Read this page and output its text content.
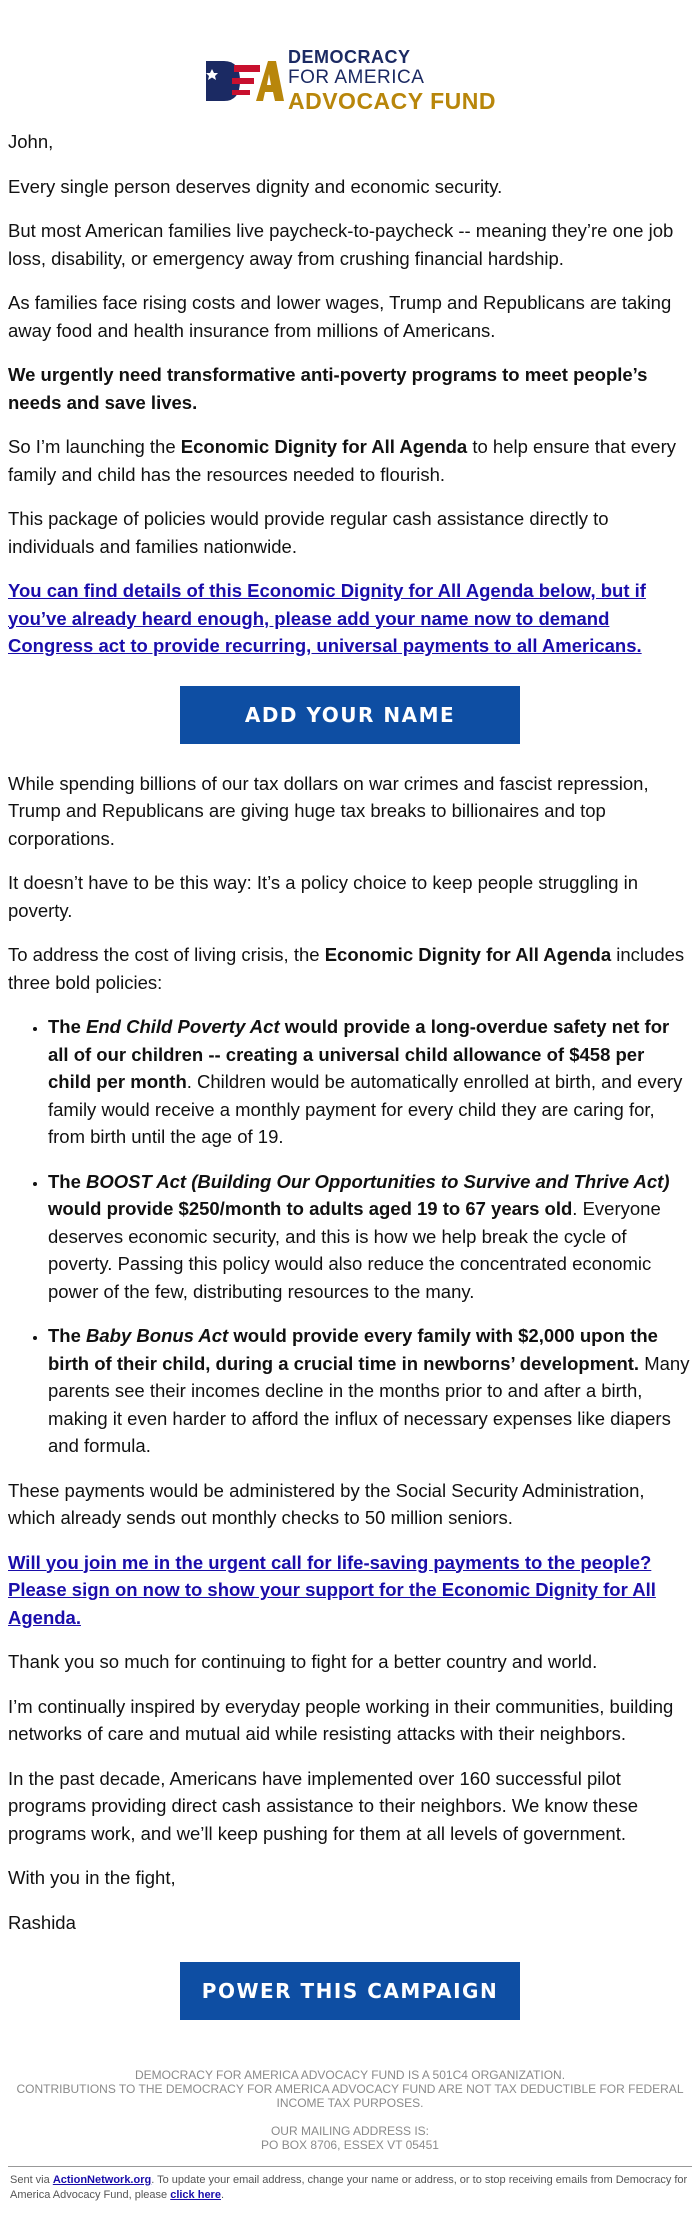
DEMOCRACY
FOR AMERICA
ADVOCACY FUND

John,

Every single person deserves dignity and economic security.

But most American families live paycheck-to-paycheck -- meaning they’re one job loss, disability, or emergency away from crushing financial hardship.

As families face rising costs and lower wages, Trump and Republicans are taking away food and health insurance from millions of Americans.

We urgently need transformative anti-poverty programs to meet people’s needs and save lives.

So I’m launching the Economic Dignity for All Agenda to help ensure that every family and child has the resources needed to flourish.

This package of policies would provide regular cash assistance directly to individuals and families nationwide.

You can find details of this Economic Dignity for All Agenda below, but if you’ve already heard enough, please add your name now to demand Congress act to provide recurring, universal payments to all Americans.

ADD YOUR NAME

While spending billions of our tax dollars on war crimes and fascist repression, Trump and Republicans are giving huge tax breaks to billionaires and top corporations.

It doesn’t have to be this way: It’s a policy choice to keep people struggling in poverty.

To address the cost of living crisis, the Economic Dignity for All Agenda includes three bold policies:

• The End Child Poverty Act would provide a long-overdue safety net for all of our children -- creating a universal child allowance of $458 per child per month. Children would be automatically enrolled at birth, and every family would receive a monthly payment for every child they are caring for, from birth until the age of 19.
• The BOOST Act (Building Our Opportunities to Survive and Thrive Act) would provide $250/month to adults aged 19 to 67 years old. Everyone deserves economic security, and this is how we help break the cycle of poverty. Passing this policy would also reduce the concentrated economic power of the few, distributing resources to the many.
• The Baby Bonus Act would provide every family with $2,000 upon the birth of their child, during a crucial time in newborns’ development. Many parents see their incomes decline in the months prior to and after a birth, making it even harder to afford the influx of necessary expenses like diapers and formula.

These payments would be administered by the Social Security Administration, which already sends out monthly checks to 50 million seniors.

Will you join me in the urgent call for life-saving payments to the people? Please sign on now to show your support for the Economic Dignity for All Agenda.

Thank you so much for continuing to fight for a better country and world.

I’m continually inspired by everyday people working in their communities, building networks of care and mutual aid while resisting attacks with their neighbors.

In the past decade, Americans have implemented over 160 successful pilot programs providing direct cash assistance to their neighbors. We know these programs work, and we’ll keep pushing for them at all levels of government.

With you in the fight,

Rashida

POWER THIS CAMPAIGN
DEMOCRACY FOR AMERICA ADVOCACY FUND IS A 501C4 ORGANIZATION.
CONTRIBUTIONS TO THE DEMOCRACY FOR AMERICA ADVOCACY FUND ARE NOT TAX DEDUCTIBLE FOR FEDERAL INCOME TAX PURPOSES.
OUR MAILING ADDRESS IS:
PO BOX 8706, ESSEX VT 05451
Sent via ActionNetwork.org. To update your email address, change your name or address, or to stop receiving emails from Democracy for America Advocacy Fund, please click here.
